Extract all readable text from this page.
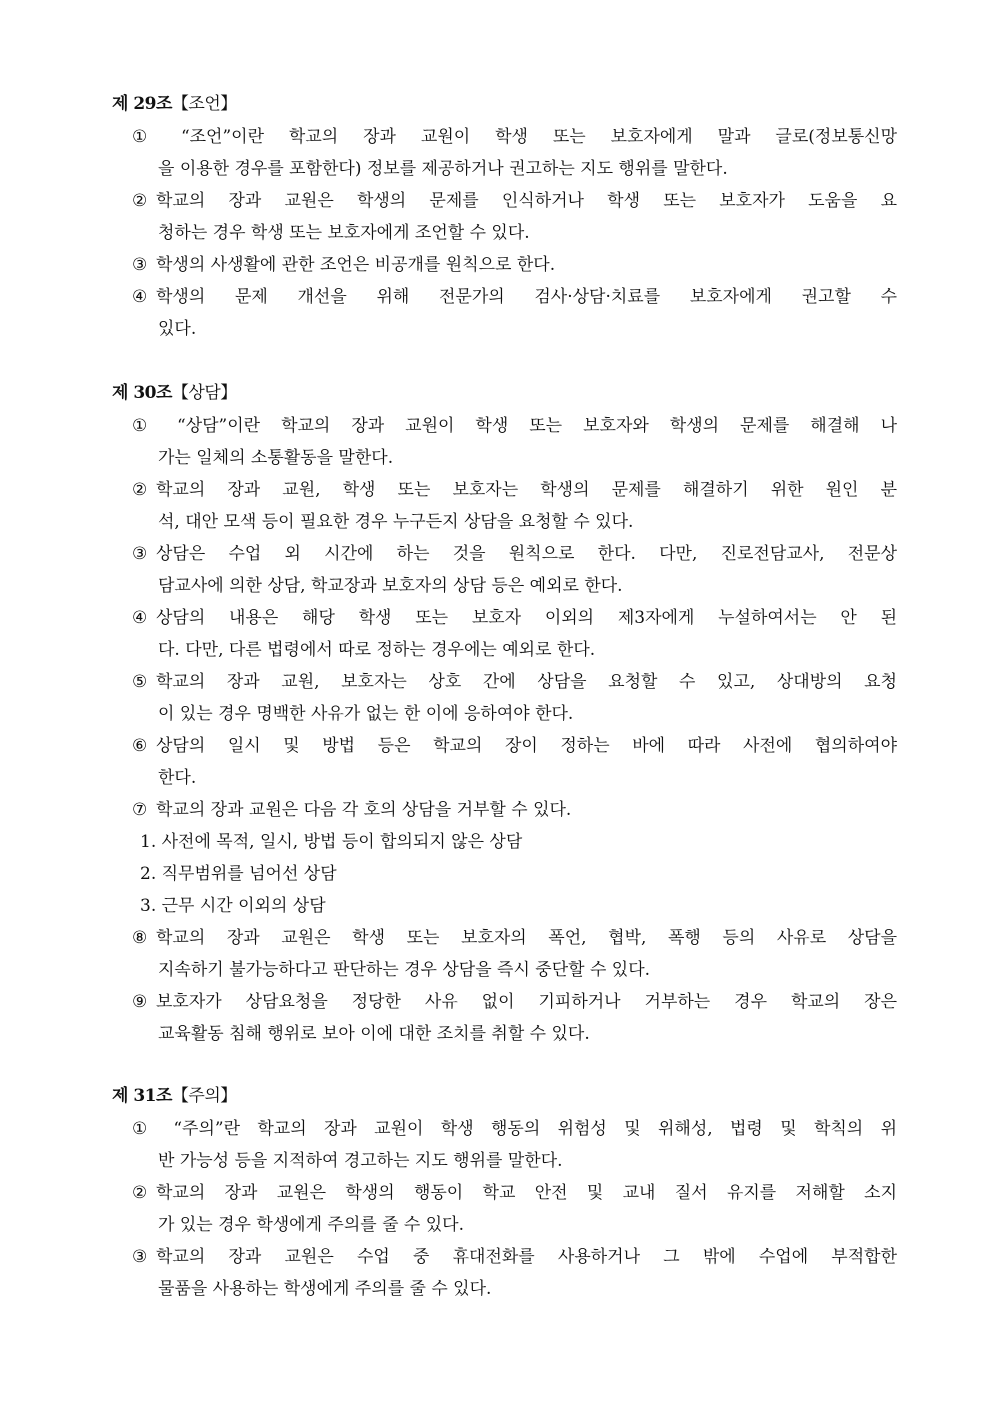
제 29조【조언】
① “조언”이란 학교의 장과 교원이 학생 또는 보호자에게 말과 글로(정보통신망
을 이용한 경우를 포함한다) 정보를 제공하거나 권고하는 지도 행위를 말한다.
② 학교의 장과 교원은 학생의 문제를 인식하거나 학생 또는 보호자가 도움을 요
청하는 경우 학생 또는 보호자에게 조언할 수 있다.
③ 학생의 사생활에 관한 조언은 비공개를 원칙으로 한다.
④ 학생의 문제 개선을 위해 전문가의 검사·상담·치료를 보호자에게 권고할 수
있다.
제 30조【상담】
① “상담”이란 학교의 장과 교원이 학생 또는 보호자와 학생의 문제를 해결해 나
가는 일체의 소통활동을 말한다.
② 학교의 장과 교원, 학생 또는 보호자는 학생의 문제를 해결하기 위한 원인 분
석, 대안 모색 등이 필요한 경우 누구든지 상담을 요청할 수 있다.
③ 상담은 수업 외 시간에 하는 것을 원칙으로 한다. 다만, 진로전담교사, 전문상
담교사에 의한 상담, 학교장과 보호자의 상담 등은 예외로 한다.
④ 상담의 내용은 해당 학생 또는 보호자 이외의 제3자에게 누설하여서는 안 된
다. 다만, 다른 법령에서 따로 정하는 경우에는 예외로 한다.
⑤ 학교의 장과 교원, 보호자는 상호 간에 상담을 요청할 수 있고, 상대방의 요청
이 있는 경우 명백한 사유가 없는 한 이에 응하여야 한다.
⑥ 상담의 일시 및 방법 등은 학교의 장이 정하는 바에 따라 사전에 협의하여야
한다.
⑦ 학교의 장과 교원은 다음 각 호의 상담을 거부할 수 있다.
1. 사전에 목적, 일시, 방법 등이 합의되지 않은 상담
2. 직무범위를 넘어선 상담
3. 근무 시간 이외의 상담
⑧ 학교의 장과 교원은 학생 또는 보호자의 폭언, 협박, 폭행 등의 사유로 상담을
지속하기 불가능하다고 판단하는 경우 상담을 즉시 중단할 수 있다.
⑨ 보호자가 상담요청을 정당한 사유 없이 기피하거나 거부하는 경우 학교의 장은
교육활동 침해 행위로 보아 이에 대한 조치를 취할 수 있다.
제 31조【주의】
① “주의”란 학교의 장과 교원이 학생 행동의 위험성 및 위해성, 법령 및 학칙의 위
반 가능성 등을 지적하여 경고하는 지도 행위를 말한다.
② 학교의 장과 교원은 학생의 행동이 학교 안전 및 교내 질서 유지를 저해할 소지
가 있는 경우 학생에게 주의를 줄 수 있다.
③ 학교의 장과 교원은 수업 중 휴대전화를 사용하거나 그 밖에 수업에 부적합한
물품을 사용하는 학생에게 주의를 줄 수 있다.
